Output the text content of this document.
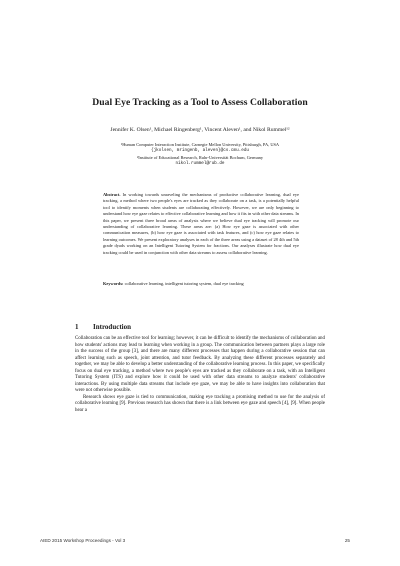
Dual Eye Tracking as a Tool to Assess Collaboration
Jennifer K. Olsen¹, Michael Ringenberg¹, Vincent Aleven¹, and Nikol Rummel¹²
¹Human Computer Interaction Institute, Carnegie Mellon University, Pittsburgh, PA, USA
{jkolsen, mringenb, aleven}@cs.cmu.edu
²Institute of Educational Research, Ruhr-Universität Bochum, Germany
nikol.rummel@rub.de
Abstract. In working towards unraveling the mechanisms of productive collaborative learning, dual eye tracking, a method where two people's eyes are tracked as they collaborate on a task, is a potentially helpful tool to identify moments when students are collaborating effectively. However, we are only beginning to understand how eye gaze relates to effective collaborative learning and how it fits in with other data streams. In this paper, we present three broad areas of analysis where we believe dual eye tracking will promote our understanding of collaborative learning. These areas are: (a) How eye gaze is associated with other communication measures, (b) how eye gaze is associated with task features, and (c) how eye gaze relates to learning outcomes. We present exploratory analyses in each of the three areas using a dataset of 28 4th and 5th grade dyads working on an Intelligent Tutoring System for fractions. Our analyses illustrate how dual eye tracking could be used in conjunction with other data streams to assess collaborative learning.
Keywords: collaborative learning, intelligent tutoring system, dual eye tracking
1 Introduction

Collaboration can be an effective tool for learning; however, it can be difficult to identify the mechanisms of collaboration and how students' actions may lead to learning when working in a group. The communication between partners plays a large role in the success of the group [3], and there are many different processes that happen during a collaborative session that can affect learning such as speech, joint attention, and tutor feedback. By analyzing these different processes separately and together, we may be able to develop a better understanding of the collaborative learning process. In this paper, we specifically focus on dual eye tracking, a method where two people's eyes are tracked as they collaborate on a task, with an Intelligent Tutoring System (ITS) and explore how it could be used with other data streams to analyze students' collaborative interactions. By using multiple data streams that include eye gaze, we may be able to have insights into collaboration that were not otherwise possible.

Research shows eye gaze is tied to communication, making eye tracking a promising method to use for the analysis of collaborative learning [9]. Previous research has shown that there is a link between eye gaze and speech [4], [9]. When people hear a

AIED 2015 Workshop Proceedings - Vol 3	25
